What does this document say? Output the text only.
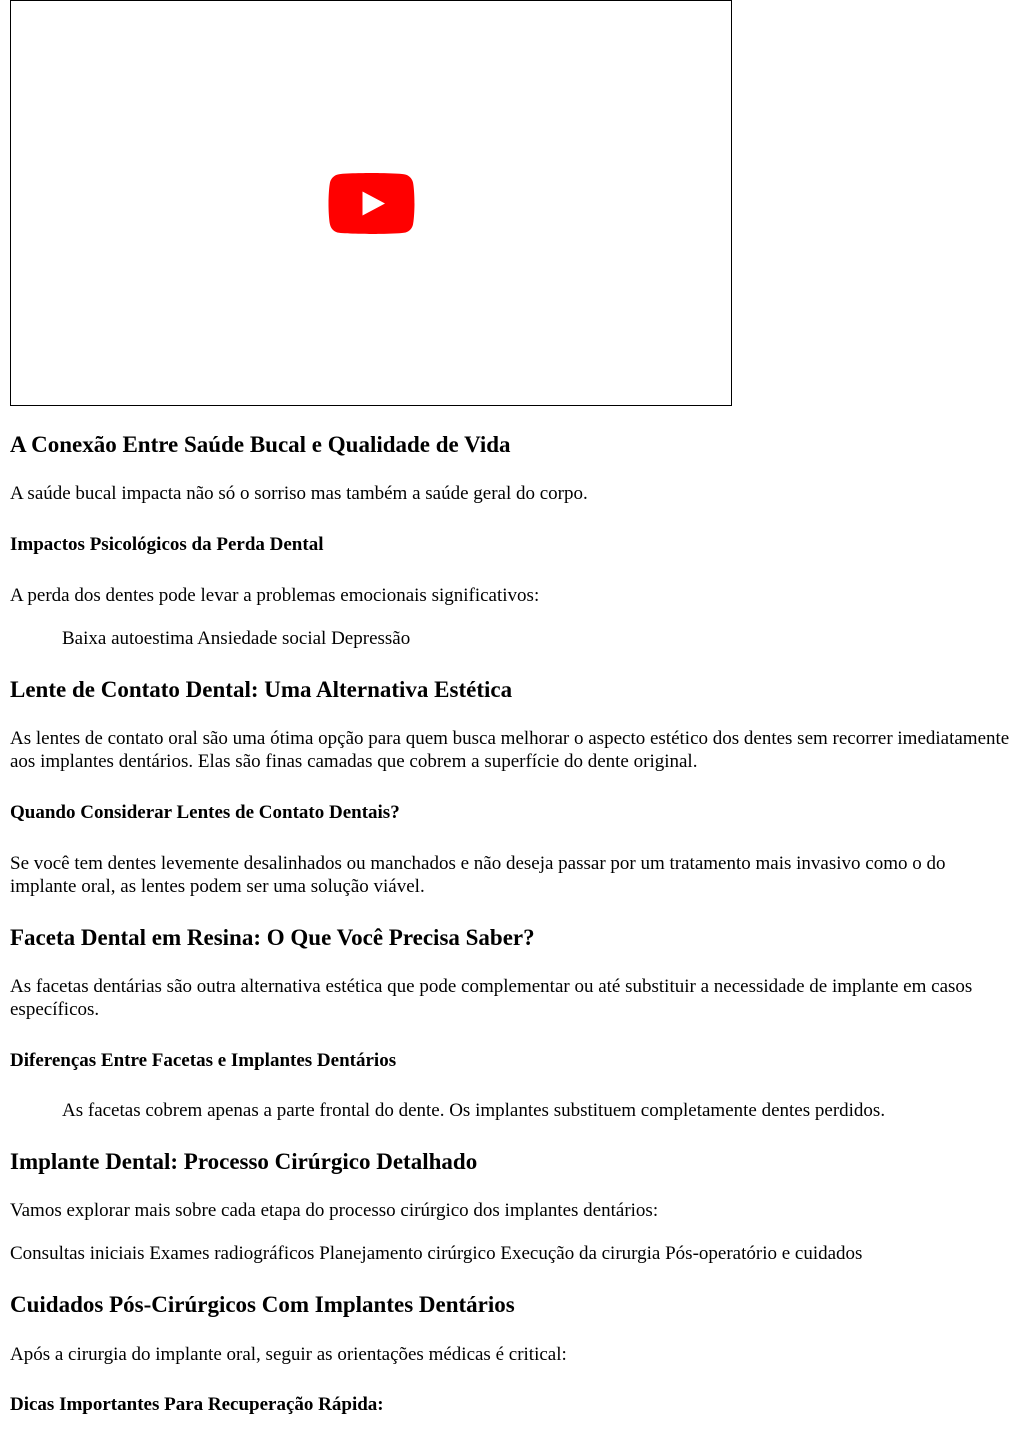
A Conexão Entre Saúde Bucal e Qualidade de Vida

A saúde bucal impacta não só o sorriso mas também a saúde geral do corpo.

Impactos Psicológicos da Perda Dental

A perda dos dentes pode levar a problemas emocionais significativos:

Baixa autoestima Ansiedade social Depressão

Lente de Contato Dental: Uma Alternativa Estética

As lentes de contato oral são uma ótima opção para quem busca melhorar o aspecto estético dos dentes sem recorrer imediatamente aos implantes dentários. Elas são finas camadas que cobrem a superfície do dente original.

Quando Considerar Lentes de Contato Dentais?

Se você tem dentes levemente desalinhados ou manchados e não deseja passar por um tratamento mais invasivo como o do implante oral, as lentes podem ser uma solução viável.

Faceta Dental em Resina: O Que Você Precisa Saber?

As facetas dentárias são outra alternativa estética que pode complementar ou até substituir a necessidade de implante em casos específicos.

Diferenças Entre Facetas e Implantes Dentários

As facetas cobrem apenas a parte frontal do dente. Os implantes substituem completamente dentes perdidos.

Implante Dental: Processo Cirúrgico Detalhado

Vamos explorar mais sobre cada etapa do processo cirúrgico dos implantes dentários:

Consultas iniciais Exames radiográficos Planejamento cirúrgico Execução da cirurgia Pós-operatório e cuidados

Cuidados Pós-Cirúrgicos Com Implantes Dentários

Após a cirurgia do implante oral, seguir as orientações médicas é critical:

Dicas Importantes Para Recuperação Rápida:
